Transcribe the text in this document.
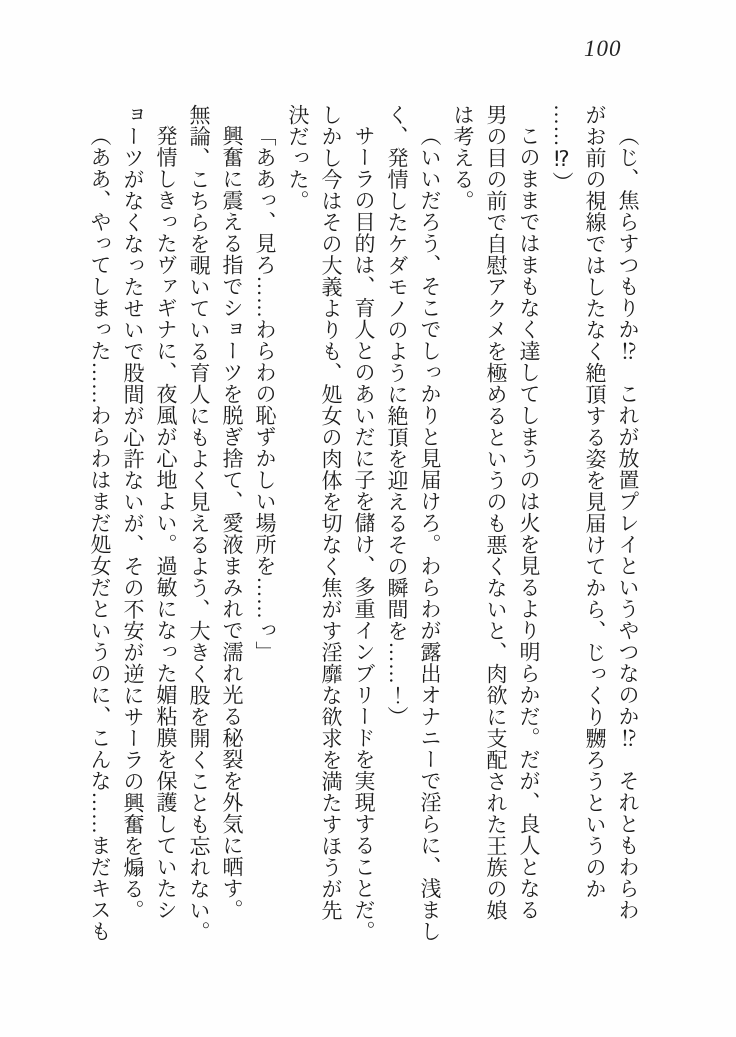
100

（じ、焦らすつもりか⁉　これが放置プレイというやつなのか⁉　それともわらわ

がお前の視線ではしたなく絶頂する姿を見届けてから、じっくり嬲ろうというのか

……⁉）

このままではまもなく達してしまうのは火を見るより明らかだ。だが、良人となる

男の目の前で自慰アクメを極めるというのも悪くないと、肉欲に支配された王族の娘

は考える。

（いいだろう、そこでしっかりと見届けろ。わらわが露出オナニーで淫らに、浅まし

く、発情したケダモノのように絶頂を迎えるその瞬間を……！）

サーラの目的は、育人とのあいだに子を儲け、多重インブリードを実現することだ。

しかし今はその大義よりも、処女の肉体を切なく焦がす淫靡な欲求を満たすほうが先

決だった。

「ああっ、見ろ……わらわの恥ずかしい場所を……っ」

興奮に震える指でショーツを脱ぎ捨て、愛液まみれで濡れ光る秘裂を外気に晒す。

無論、こちらを覗いている育人にもよく見えるよう、大きく股を開くことも忘れない。

発情しきったヴァギナに、夜風が心地よい。過敏になった媚粘膜を保護していたシ

ョーツがなくなったせいで股間が心許ないが、その不安が逆にサーラの興奮を煽る。

（ああ、やってしまった……わらわはまだ処女だというのに、こんな……まだキスも
